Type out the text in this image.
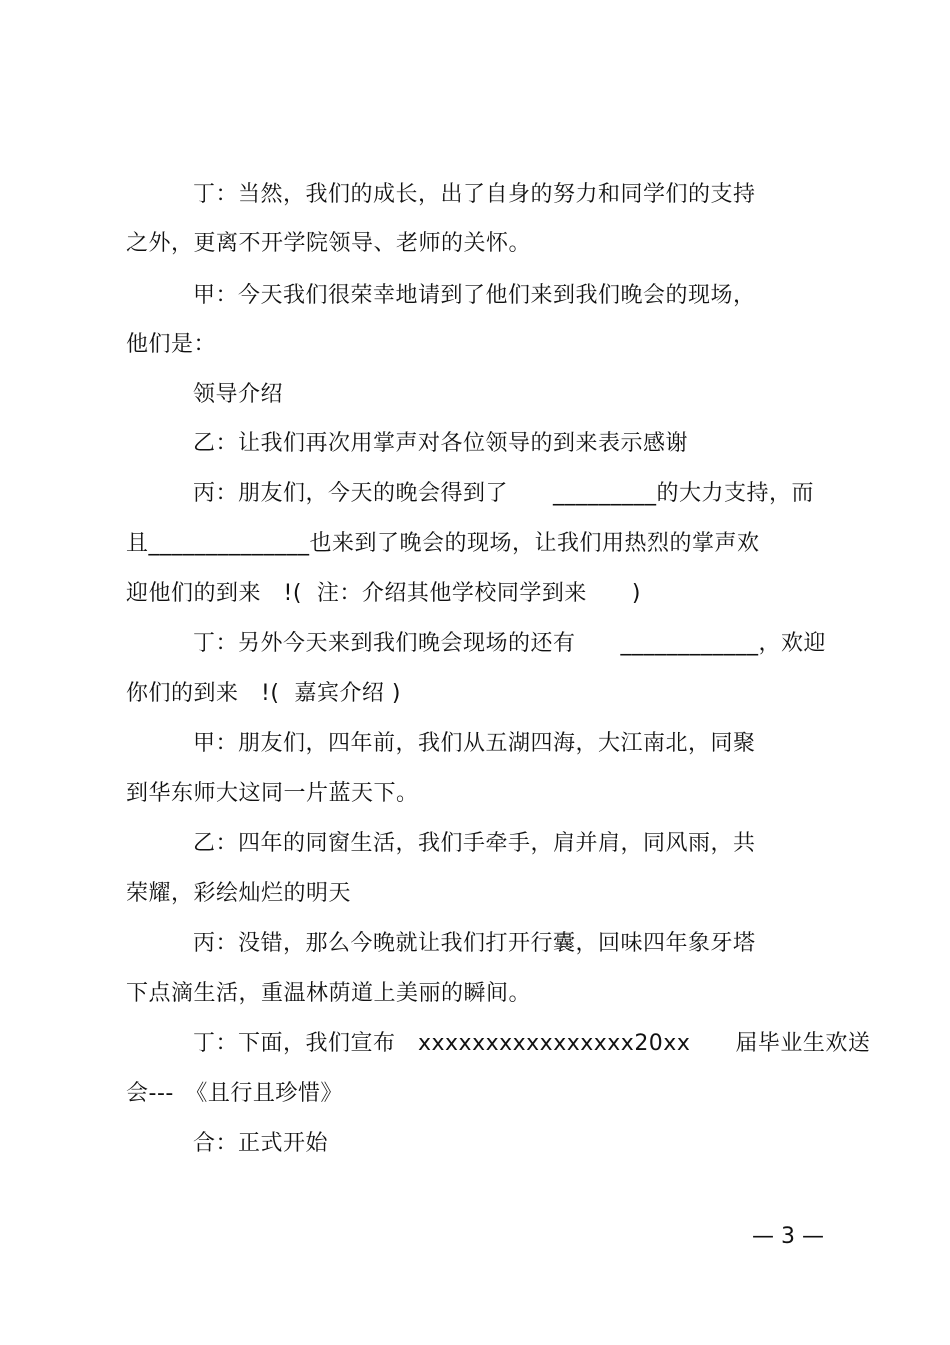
丁：当然，我们的成长，出了自身的努力和同学们的支持
之外，更离不开学院领导、老师的关怀。
甲：今天我们很荣幸地请到了他们来到我们晚会的现场，
他们是：
领导介绍
乙：让我们再次用掌声对各位领导的到来表示感谢
丙：朋友们，今天的晚会得到了　　_________的大力支持，而
且______________也来到了晚会的现场，让我们用热烈的掌声欢
迎他们的到来　!(  注：介绍其他学校同学到来　　)
丁：另外今天来到我们晚会现场的还有　　____________，欢迎
你们的到来　!(  嘉宾介绍 )
甲：朋友们，四年前，我们从五湖四海，大江南北，同聚
到华东师大这同一片蓝天下。
乙：四年的同窗生活，我们手牵手，肩并肩，同风雨，共
荣耀，彩绘灿烂的明天
丙：没错，那么今晚就让我们打开行囊，回味四年象牙塔
下点滴生活，重温林荫道上美丽的瞬间。
丁：下面，我们宣布　xxxxxxxxxxxxxxxx20xx　　届毕业生欢送
会---　《且行且珍惜》
合：正式开始
— 3 —
